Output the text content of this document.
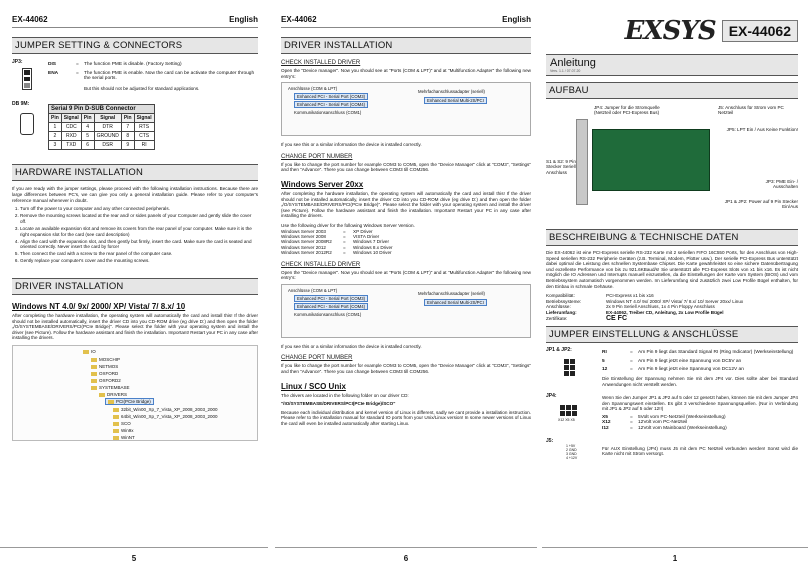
EX-44062	English
JUMPER SETTING & CONNECTORS
JP3:	DIS	=	The function PME is disable. (Factory Setting)
ENA	=	The function PME is enable. Now the card can be activate the computer through the serial ports.
But this should not be adjusted for standard applications.
DB 9M:
Serial 9 Pin D-SUB Connector					
Pin	Signal	Pin	Signal	Pin	Signal
1	CDC	4	DTR	7	RTS
2	RXD	5	GROUND	8	CTS
3	TXD	6	DSR	9	RI
HARDWARE INSTALLATION

If you are ready with the jumper settings, please proceed with the following installation instructions. Because there are large differences between PC's, we can give you only a general installation guide. Please refer to your computer's reference manual whenever in doubt.

1. Turn off the power to your computer and any other connected peripherals.
2. Remove the mounting screws located at the rear and/ or sides panels of your Computer and gently slide the cover off.
3. Locate an available expansion slot and remove its covers from the rear panel of your computer. Make sure it is the right expansion slot for the card (see card description)
4. Align the card with the expansion slot, and then gently but firmly, insert the card. Make sure the card is seated and oriented correctly. Never insert the card by force!
5. Then connect the card with a screw to the rear panel of the computer case.
6. Gently replace your computer's cover and the mounting screws.
DRIVER INSTALLATION
Windows NT 4.0/ 9x/ 2000/ XP/ Vista/ 7/ 8.x/ 10

After completing the hardware installation, the operating system will automatically the card and install this! If the driver should not be installed automatically, insert the driver CD into you CD-ROM drive (eg drive D:) and then open the folder „/O/SYSTEMBASE/DRIVERS/PCI(PCIe Bridge)". Please select the folder with your operating system and install the driver (see Picture). Follow the hardware assistant and finish the installation. Important! Restart your PC in any case after installing the drivers.

IO
MOSCHIP
NETMOS
OXFORD
OXFORD2
SYSTEMBASE
DRIVERS
PCI(PCIe Bridge)
32bit_Win00_Xp_7_Vista_XP_2008_2003_2000
64bit_Win00_Xp_7_Vista_XP_2008_2003_2000
SCO
Win9x
WinNT
5
EX-44062	English
DRIVER INSTALLATION
CHECK INSTALLED DRIVER

Open the "Device manager". Now you should see at "Ports (COM & LPT)" and at "Multifunction Adapter" the following new entry's:

Anschlüsse (COM & LPT)
Enhanced PCI - Serial Port (COM3)
Enhanced PCI - Serial Port (COM4)
Kommunikationsanschluss (COM1)
Mehrfachanschlussadapter (seriell)
Enhanced Serial Multi-2S/PCI

If you see this or a similar information the device is installed correctly.

CHANGE PORT NUMBER

If you like to change the port number for example COM3 to COM5, open the "Device Manager" click at "COM3", "Settings" and then "Advance". There you can change between COM3 till COM256.

Windows Server 20xx

After completing the hardware installation, the operating system will automatically the card and install this! If the driver should not be installed automatically, insert the driver CD into you CD-ROM drive (eg drive D:) and then open the folder „/O/SYSTEMBASE/DRIVERS/PCI(PCIe Bridge)". Please select the folder with your operating system and install the driver (see Picture). Follow the hardware assistant and finish the installation. Important! Restart your PC in any case after installing the drivers.

Use the following driver for the following Windows Server Version.

Windows Server 2003	=	XP Driver
Windows Server 2008	=	VISTA Driver
Windows Server 2008R2	=	Windows 7 Driver
Windows Server 2012	=	Windows 8.x Driver
Windows Server 2012R2	=	Windows 10 Driver
CHECK INSTALLED DRIVER

Open the "Device manager". Now you should see at "Ports (COM & LPT)" and at "Multifunction Adapter" the following new entry's:

Anschlüsse (COM & LPT)
Enhanced PCI - Serial Port (COM3)
Enhanced PCI - Serial Port (COM4)
Kommunikationsanschluss (COM1)
Mehrfachanschlussadapter (seriell)
Enhanced Serial Multi-2S/PCI

If you see this or a similar information the device is installed correctly.

CHANGE PORT NUMBER

If you like to change the port number for example COM3 to COM5, open the "Device Manager" click at "COM3", "Settings" and then "Advance". There you can change between COM3 till COM256.

Linux / SCO Unix

The drivers are located in the following folder on our driver CD:

"/IO/SYSTEMBASE/DRIVERS/PCI(PCIe Bridge)/SCO"

Because each individual distribution and kernel version of Linux is different, sadly we cant provide a installation instruction. Please refer to the installation manual for standard IO ports from your Unix/Linux version! In some newer versions of Linux the card will even be installed automatically after starting Linux.

6
EXSYS EX-44062
Anleitung
Vers. 1.1 / 07.07.20
AUFBAU
JP4: Jumper für die Stromquelle (Netzteil oder PCI-Express Bus)
J5: Anschluss für Strom vom PC Netzteil
JP5: LPT Ein / Aus Keine Funktion!
S1 & S2: 9 Pin Stecker Seriell Anschluss
JP3: PME Ein- / Ausschalten
JP1 & JP2: Power auf 9 Pin Stecker Ein/Aus
BESCHREIBUNG & TECHNISCHE DATEN

Die EX-44062 ist eine PCI-Express serielle RS-232 Karte mit 2 seriellen FIFO 16C550 Ports, für den Anschluss von High-Speed seriellen RS-232 Peripherie Geräten (z.B. Terminal, Modem, Plotter usw.). Der serielle PCI-Express Bus unterstützt dabei optimal die Leistung des schnellen Systembase Chipset. Die Karte gewährleistet so eine sichere Datenübertragung und exzellente Performance von bis zu 921.6KBaud/s! Sie unterstützt alle PCI-Express Slots von x1 bis x16. Es ist nicht möglich die IO Adressen und Interrupts manuell einzustellen, da die Einstellungen der Karte vom System (BIOS) und vom Betriebssystem automatisch vorgenommen werden. Im Lieferumfang sind zusätzlich zwei Low Profile Bügel enthalten, für den Einbau in schmale Gehäuse.

Kompatibilität:	PCI-Express x1 bis x16
Betriebssysteme:	Windows NT 4.0/ 9x/ 2000/ XP/ Vista/ 7/ 8.x/ 10/ Server 20xx/ Linux
Anschlüsse:	2x 9 Pin Seriell Anschluss, 1x 4 Pin Floppy Anschluss
Lieferumfang:	EX-44062, Treiber CD, Anleitung, 2x Low Profile Bügel
Zertifikate:	CE FC
JUMPER EINSTELLUNG & ANSCHLÜSSE
JP1 & JP2:	RI	=	Am Pin 9 liegt das Standard Signal RI (Ring Indicator) (Werkseinstellung)
5	=	Am Pin 9 liegt jetzt eine Spannung von DC5V an
12	=	Am Pin 9 liegt jetzt eine Spannung von DC12V an
Die Einstellung der Spannung nehmen Sie mit dem JP4 vor. Dies sollte aber bei Standard Anwendungen nicht verstellt werden.
JP4:
X12 X5 X5
Wenn Sie den Jumper JP1 & JP2 auf 5 oder 12 gesetzt haben, können Sie mit dem Jumper JP4 den Spannungswert einstellen. Es gibt 3 verschiedene Spannungsquellen. (Nur in Verbindung mit JP1 & JP2 auf 5 oder 12!!)
X5	=	5Volt vom PC-Netzteil (Werkseinstellung)
X12	=	12Volt vom PC-Netzteil
I12	=	12Volt vom Mainboard (Werkseinstellung)
J5:
1 +5V
2 GND
3 GND
4 +12V
Für AUX Einstellung (JP4) muss J5 mit dem PC Netzteil verbunden werden! Sonst wird die Karte nicht mit Strom versorgt.
1
